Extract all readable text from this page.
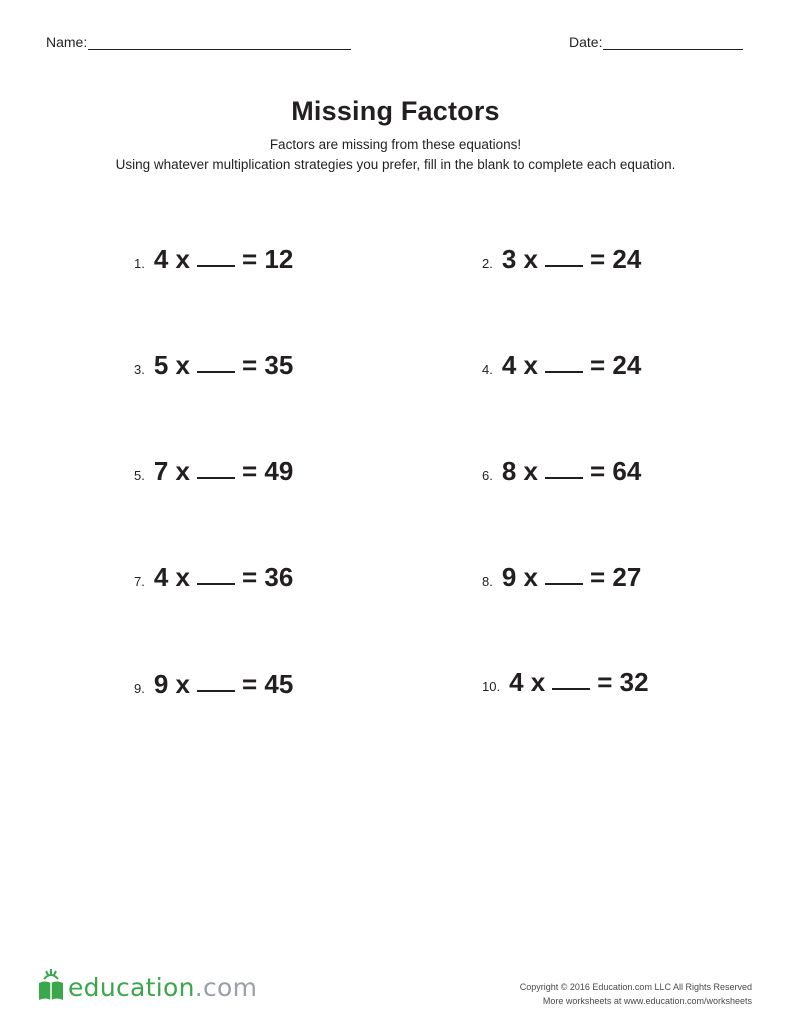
Name:	Date:
Missing Factors
Factors are missing from these equations!
Using whatever multiplication strategies you prefer, fill in the blank to complete each equation.
1. 4 x = 12
3. 5 x = 35
5. 7 x = 49
7. 4 x = 36
9. 9 x = 45
2. 3 x = 24
4. 4 x = 24
6. 8 x = 64
8. 9 x = 27
10. 4 x = 32
education.com	Copyright © 2016 Education.com LLC All Rights Reserved
More worksheets at www.education.com/worksheets
